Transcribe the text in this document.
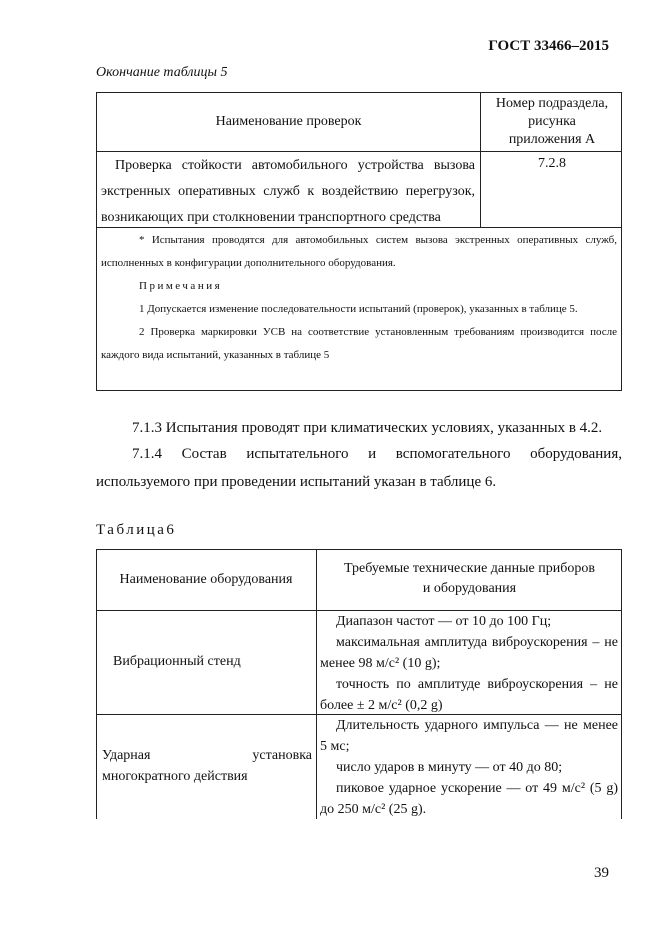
ГОСТ 33466–2015
Окончание таблицы 5
Наименование проверок
Номер подраздела,
рисунка
приложения А
Проверка стойкости автомобильного устройства вызова экстренных оперативных служб к воздействию перегрузок, возникающих при столкновении транспортного средства
7.2.8

* Испытания проводятся для автомобильных систем вызова экстренных оперативных служб, исполненных в конфигурации дополнительного оборудования.

Примечания

1 Допускается изменение последовательности испытаний (проверок), указанных в таблице 5.

2 Проверка маркировки УСВ на соответствие установленным требованиям производится после каждого вида испытаний, указанных в таблице 5

7.1.3 Испытания проводят при климатических условиях, указанных в 4.2.

7.1.4 Состав испытательного и вспомогательного оборудования, используемого при проведении испытаний указан в таблице 6.

Таблица6
Наименование оборудования
Требуемые технические данные приборов
и оборудования
Вибрационный стенд

Диапазон частот — от 10 до 100 Гц;

максимальная амплитуда виброускорения – не менее 98 м/с² (10 g);

точность по амплитуде виброускорения – не более ± 2 м/с² (0,2 g)

Ударная	установка
многократного действия

Длительность ударного импульса — не менее 5 мс;

число ударов в минуту — от 40 до 80;

пиковое ударное ускорение — от 49 м/с² (5 g) до 250 м/с² (25 g).

39
